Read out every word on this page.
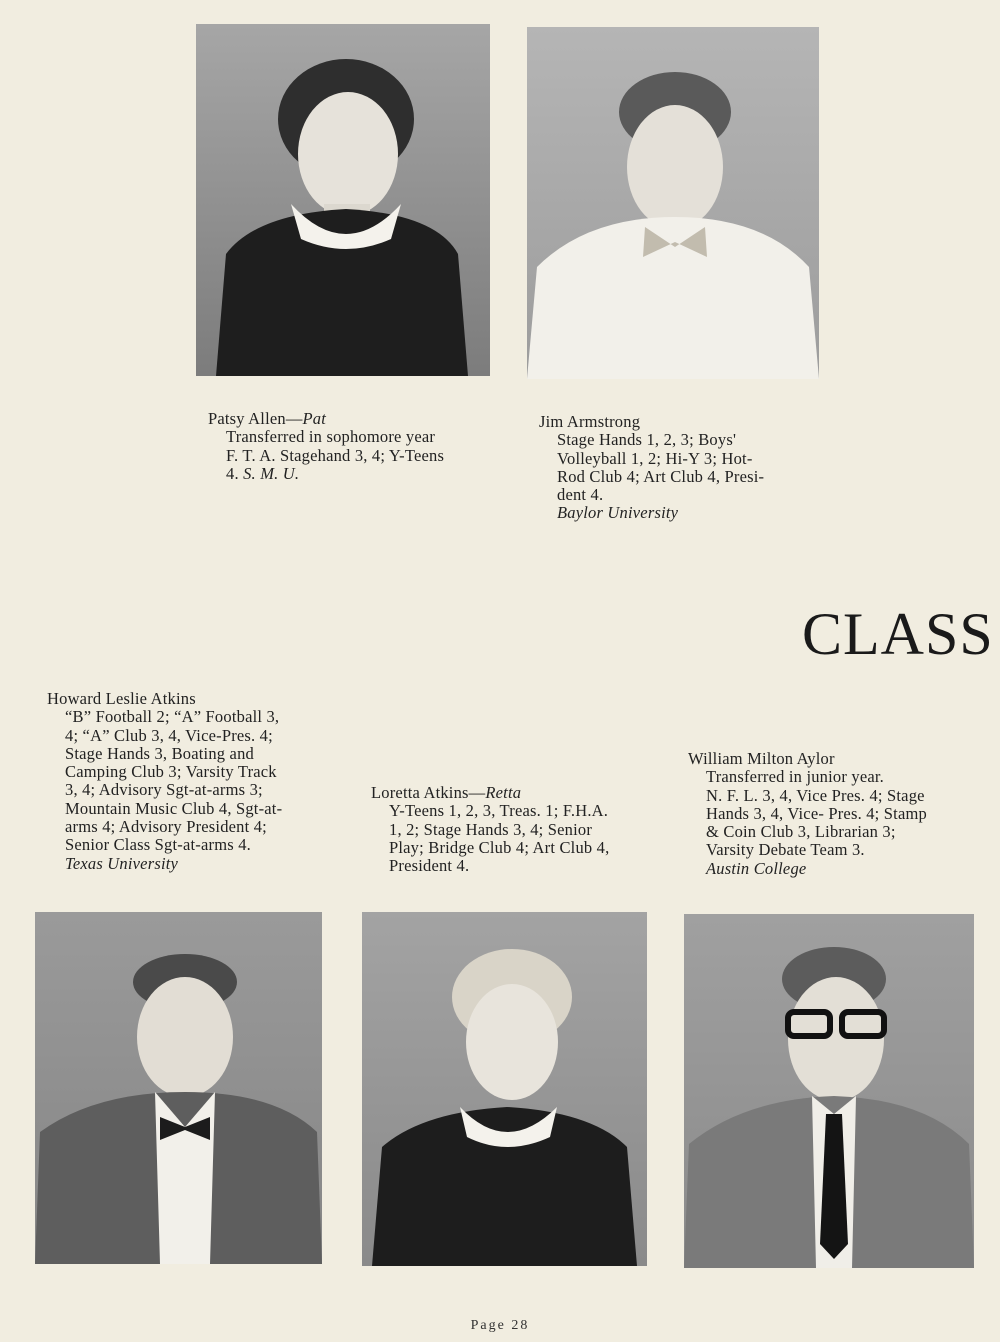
Patsy Allen—Pat
Transferred in sophomore year
F. T. A. Stagehand 3, 4; Y-Teens
4. S. M. U.
Jim Armstrong
Stage Hands 1, 2, 3; Boys'
Volleyball 1, 2; Hi-Y 3; Hot-
Rod Club 4; Art Club 4, Presi-
dent 4.
Baylor University
CLASS
Howard Leslie Atkins
“B” Football 2; “A” Football 3,
4; “A” Club 3, 4, Vice-Pres. 4;
Stage Hands 3, Boating and
Camping Club 3; Varsity Track
3, 4; Advisory Sgt-at-arms 3;
Mountain Music Club 4, Sgt-at-
arms 4; Advisory President 4;
Senior Class Sgt-at-arms 4.
Texas University
Loretta Atkins—Retta
Y-Teens 1, 2, 3, Treas. 1; F.H.A.
1, 2; Stage Hands 3, 4; Senior
Play; Bridge Club 4; Art Club 4,
President 4.
William Milton Aylor
Transferred in junior year.
N. F. L. 3, 4, Vice Pres. 4; Stage
Hands 3, 4, Vice- Pres. 4; Stamp
& Coin Club 3, Librarian 3;
Varsity Debate Team 3.
Austin College
Page 28
